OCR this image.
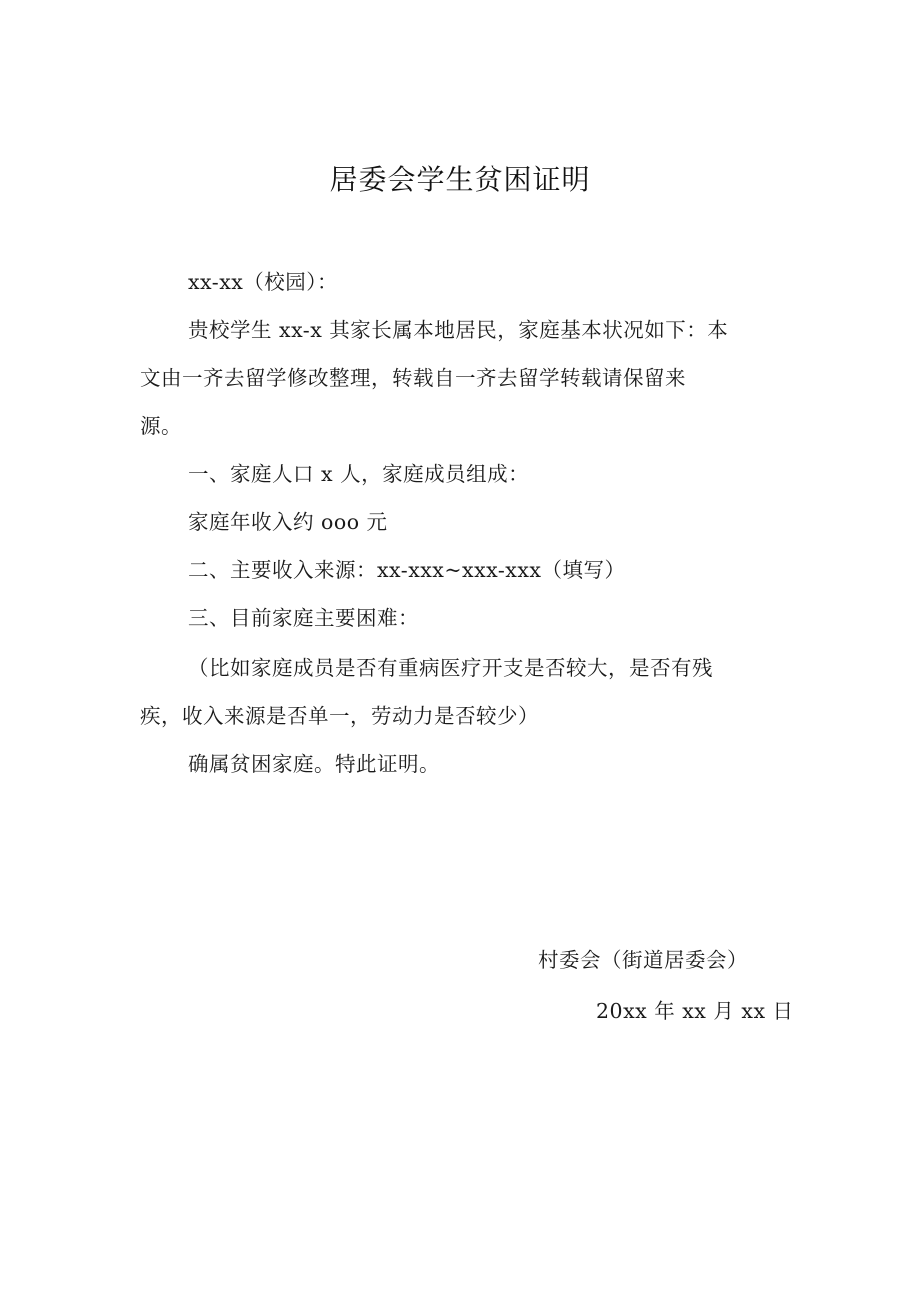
居委会学生贫困证明
xx-xx（校园）：
贵校学生 xx-x 其家长属本地居民，家庭基本状况如下：本
文由一齐去留学修改整理，转载自一齐去留学转载请保留来
源。
一、家庭人口 x 人，家庭成员组成：
家庭年收入约 ooo 元
二、主要收入来源：xx-xxx~xxx-xxx（填写）
三、目前家庭主要困难：
（比如家庭成员是否有重病医疗开支是否较大，是否有残
疾，收入来源是否单一，劳动力是否较少）
确属贫困家庭。特此证明。
村委会（街道居委会）
20xx 年 xx 月 xx 日
